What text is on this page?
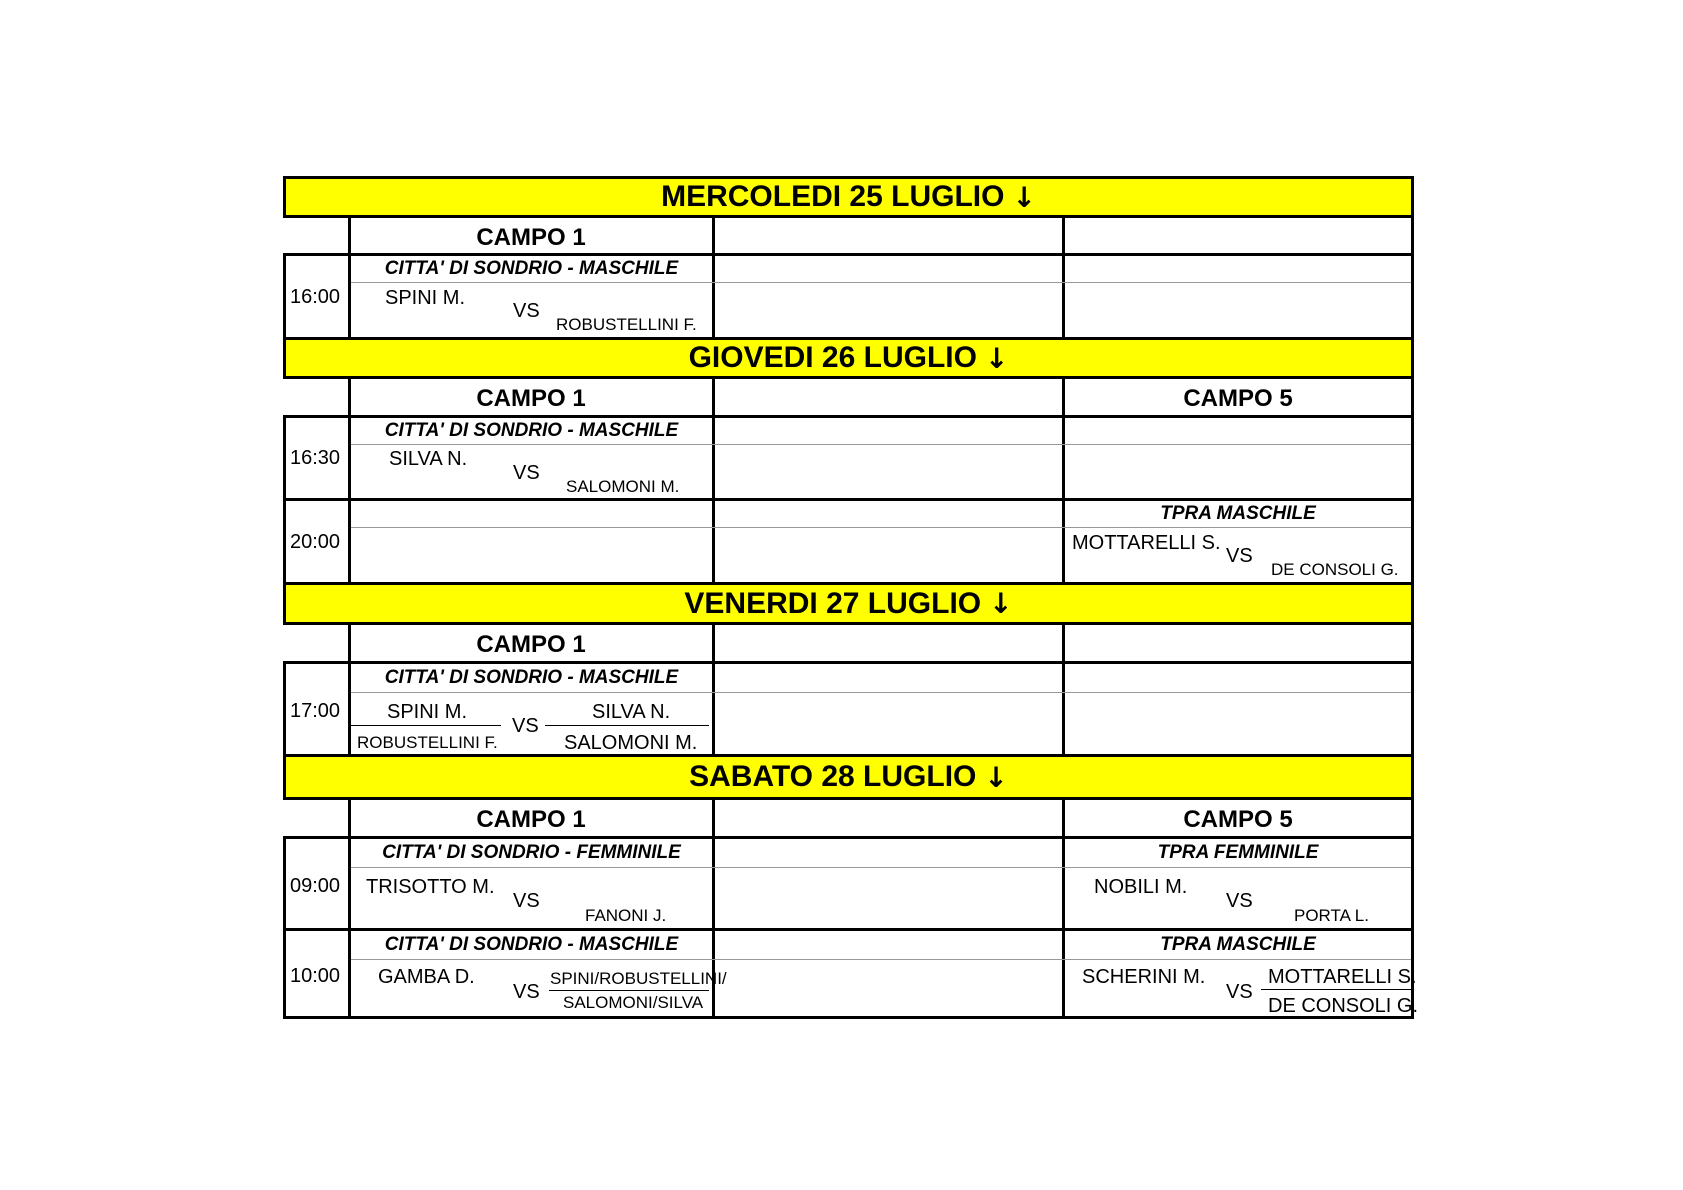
MERCOLEDI 25 LUGLIO ↓
CAMPO 1
16:00
CITTA' DI SONDRIO - MASCHILE
SPINI M.
VS
ROBUSTELLINI F.
GIOVEDI 26 LUGLIO ↓
CAMPO 1	CAMPO 5
16:30
CITTA' DI SONDRIO - MASCHILE
SILVA N.
VS
SALOMONI M.
20:00
TPRA MASCHILE
MOTTARELLI S.
VS
DE CONSOLI G.
VENERDI 27 LUGLIO ↓
CAMPO 1
17:00
CITTA' DI SONDRIO - MASCHILE
SPINI M.
ROBUSTELLINI F.
VS
SILVA N.
SALOMONI M.
SABATO 28 LUGLIO ↓
CAMPO 1	CAMPO 5
09:00
CITTA' DI SONDRIO - FEMMINILE
TRISOTTO M.
VS
FANONI J.
TPRA FEMMINILE
NOBILI M.
VS
PORTA L.
10:00
CITTA' DI SONDRIO - MASCHILE
GAMBA D.
VS
SPINI/ROBUSTELLINI/
SALOMONI/SILVA
TPRA MASCHILE
SCHERINI M.
VS
MOTTARELLI S.
DE CONSOLI G.
